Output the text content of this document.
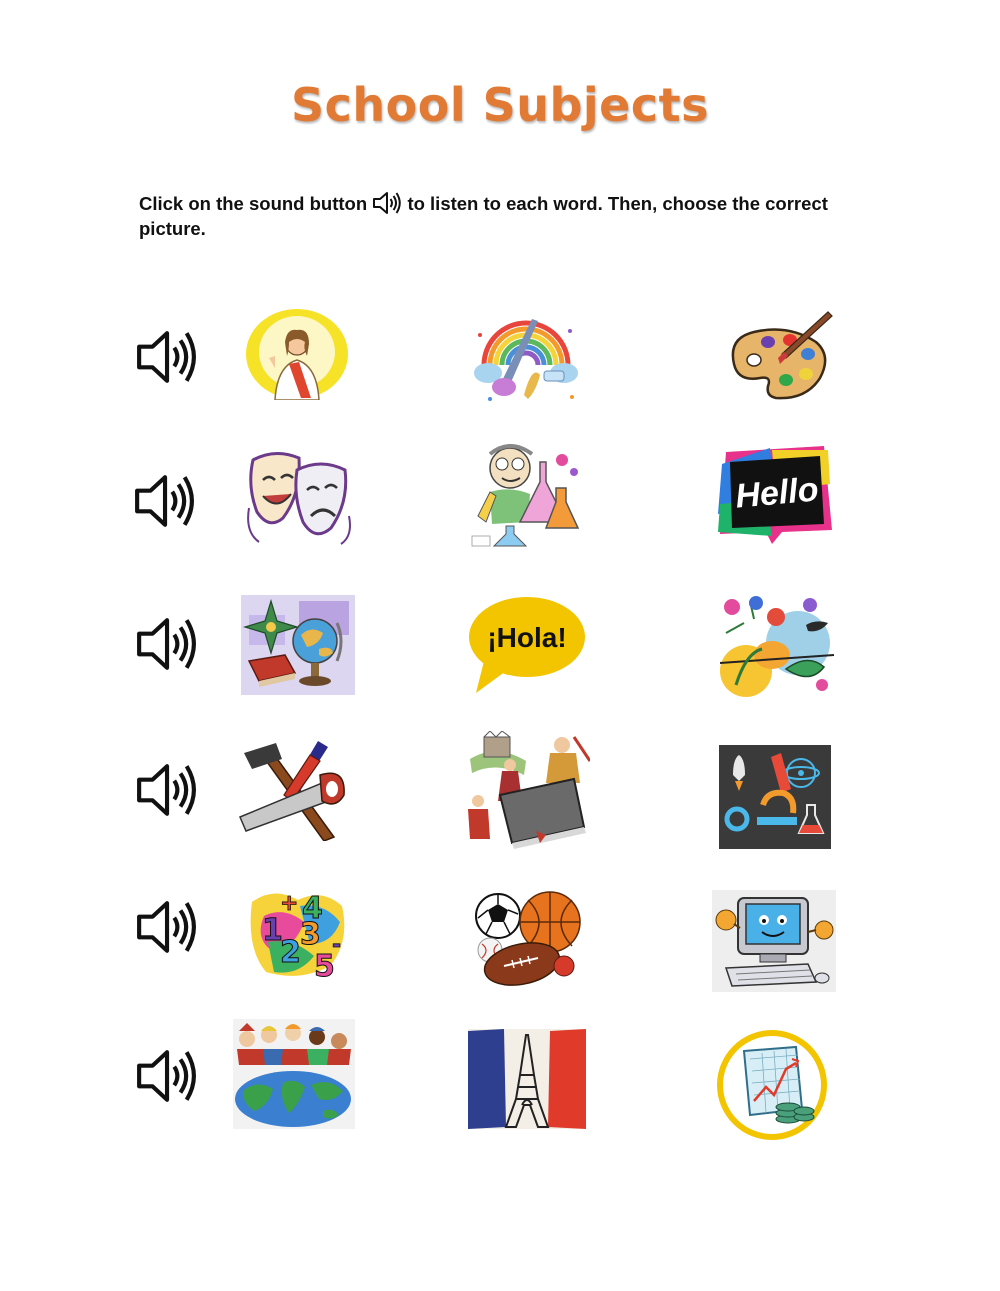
School Subjects
Click on the sound button to listen to each word. Then, choose the correct picture.
Hello
¡Hola!
1
2
3
4
5
+
-
